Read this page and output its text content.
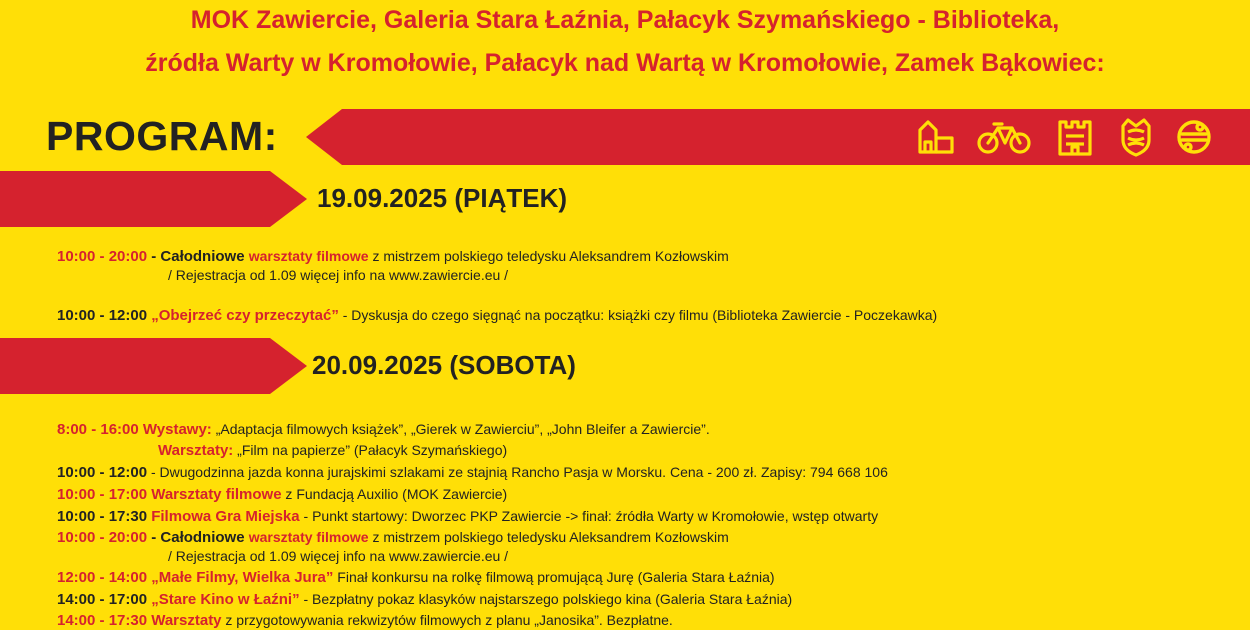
MOK Zawiercie, Galeria Stara Łaźnia, Pałacyk Szymańskiego - Biblioteka,
źródła Warty w Kromołowie, Pałacyk nad Wartą w Kromołowie, Zamek Bąkowiec:
PROGRAM:
19.09.2025 (PIĄTEK)
10:00 - 20:00 - Całodniowe warsztaty filmowe z mistrzem polskiego teledysku Aleksandrem Kozłowskim
/ Rejestracja od 1.09 więcej info na www.zawiercie.eu /
10:00 - 12:00 „Obejrzeć czy przeczytać” - Dyskusja do czego sięgnąć na początku: książki czy filmu (Biblioteka Zawiercie - Poczekawka)
20.09.2025 (SOBOTA)
8:00 - 16:00 Wystawy: „Adaptacja filmowych książek”, „Gierek w Zawierciu”, „John Bleifer a Zawiercie”.
Warsztaty: „Film na papierze” (Pałacyk Szymańskiego)
10:00 - 12:00 - Dwugodzinna jazda konna jurajskimi szlakami ze stajnią Rancho Pasja w Morsku. Cena - 200 zł. Zapisy: 794 668 106
10:00 - 17:00 Warsztaty filmowe z Fundacją Auxilio (MOK Zawiercie)
10:00 - 17:30 Filmowa Gra Miejska - Punkt startowy: Dworzec PKP Zawiercie -> finał: źródła Warty w Kromołowie, wstęp otwarty
10:00 - 20:00 - Całodniowe warsztaty filmowe z mistrzem polskiego teledysku Aleksandrem Kozłowskim
/ Rejestracja od 1.09 więcej info na www.zawiercie.eu /
12:00 - 14:00 „Małe Filmy, Wielka Jura” Finał konkursu na rolkę filmową promującą Jurę (Galeria Stara Łaźnia)
14:00 - 17:00 „Stare Kino w Łaźni” - Bezpłatny pokaz klasyków najstarszego polskiego kina (Galeria Stara Łaźnia)
14:00 - 17:30 Warsztaty z przygotowywania rekwizytów filmowych z planu „Janosika”. Bezpłatne.
